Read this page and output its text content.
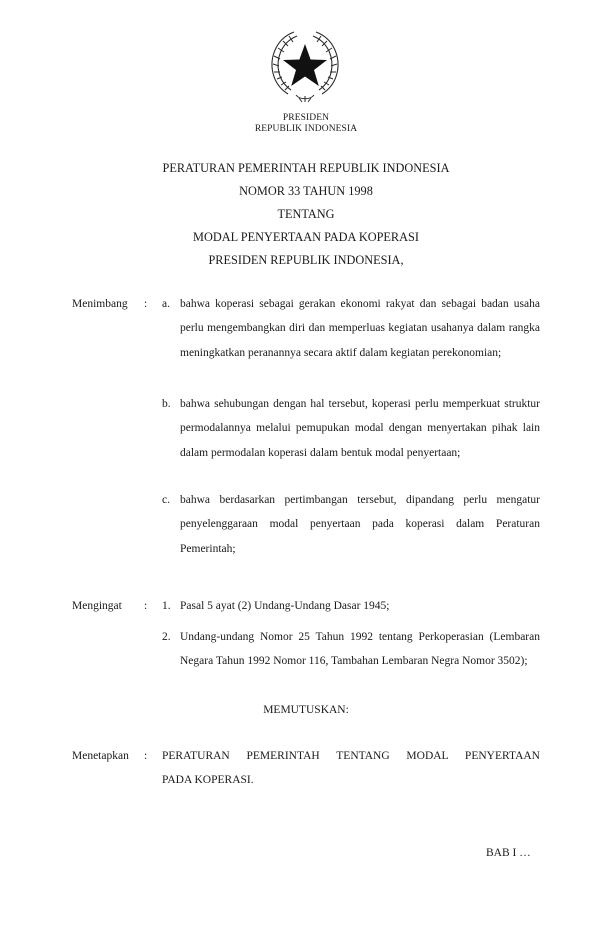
PRESIDEN
REPUBLIK INDONESIA
PERATURAN PEMERINTAH REPUBLIK INDONESIA
NOMOR 33 TAHUN 1998
TENTANG
MODAL PENYERTAAN PADA KOPERASI
PRESIDEN REPUBLIK INDONESIA,
Menimbang : a. bahwa koperasi sebagai gerakan ekonomi rakyat dan sebagai badan usaha perlu mengembangkan diri dan memperluas kegiatan usahanya dalam rangka meningkatkan peranannya secara aktif dalam kegiatan perekonomian;
b. bahwa sehubungan dengan hal tersebut, koperasi perlu memperkuat struktur permodalannya melalui pemupukan modal dengan menyertakan pihak lain dalam permodalan koperasi dalam bentuk modal penyertaan;
c. bahwa berdasarkan pertimbangan tersebut, dipandang perlu mengatur penyelenggaraan modal penyertaan pada koperasi dalam Peraturan Pemerintah;
Mengingat : 1. Pasal 5 ayat (2) Undang-Undang Dasar 1945;
2. Undang-undang Nomor 25 Tahun 1992 tentang Perkoperasian (Lembaran Negara Tahun 1992 Nomor 116, Tambahan Lembaran Negra Nomor 3502);
MEMUTUSKAN:
Menetapkan : PERATURAN PEMERINTAH TENTANG MODAL PENYERTAAN
PADA KOPERASI.
BAB I …
